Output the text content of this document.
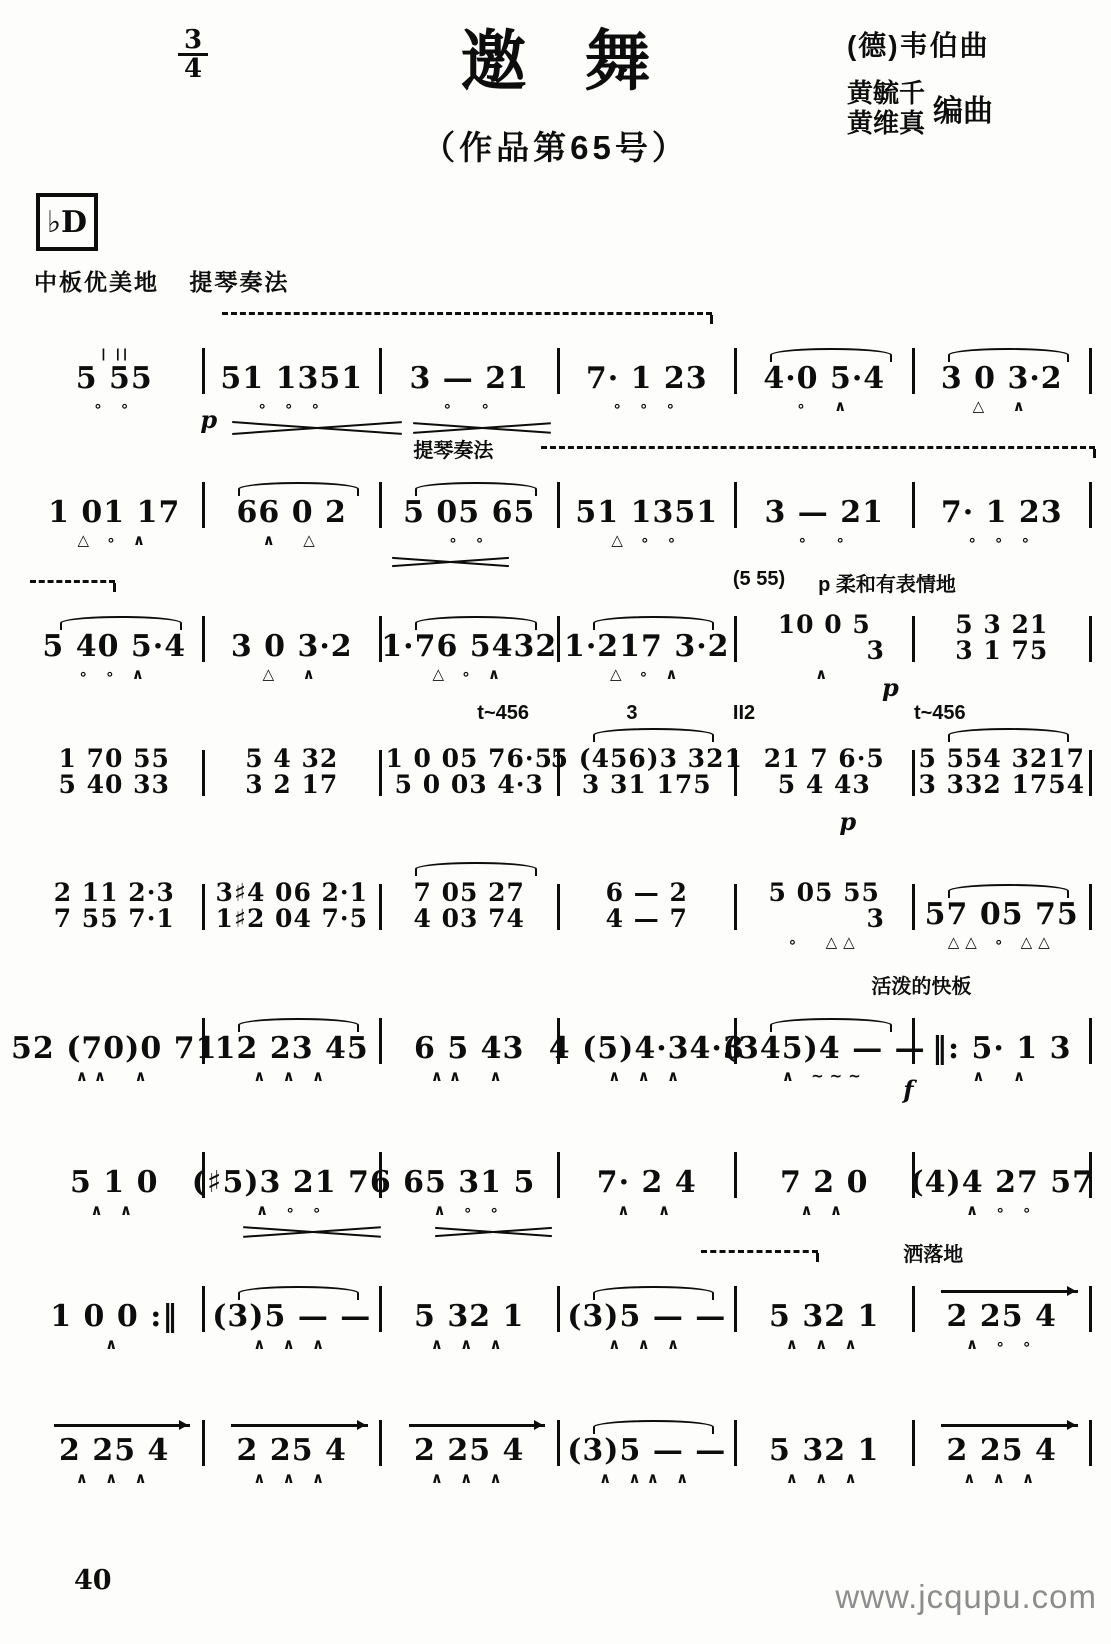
3
4	邀舞
（作品第65号）
(德)韦伯曲
黄毓千
黄维真 编曲
♭D
中板优美地 提琴奏法
p
|   | |
5 55
∘ ∘
51 1351
∘ ∘ ∘
3 — 21
∘  ∘
7· 1 23
∘ ∘ ∘
4·0 5·4
∘  ∧
3 0 3·2
△  ∧
提琴奏法
1 01 17
△ ∘ ∧
66 0 2
∧  △
5 05 65
∘ ∘
51 1351
△ ∘ ∘
3 — 21
∘  ∘
7· 1 23
∘ ∘ ∘
(5 55) p 柔和有表情地
p
5 40 5·4
∘ ∘ ∧
3 0 3·2
△  ∧
1·76 5432
△ ∘ ∧
1·217 3·2
△ ∘ ∧
10 0 5
3
∧
5 3 21
3 1 75

t~456	3	II2	t~456
p
1 70 55
5 40 33

5 4 32
3 2 17

1 0 05 76·5
5 0 03 4·3

5 (456)3 321
3 31 175

21 7 6·5
5 4 43

5 554 3217
3 332 1754

2 11 2·3
7 55 7·1

3♯4 06 2·1
1♯2 04 7·5

7 05 27
4 03 74

6 — 2
4 — 7

5 05 55
3
∘  △△
57 05 75
△△ ∘ △△
活泼的快板
f
52 (70)0 71
∧∧  ∧
12 23 45
∧ ∧ ∧
6 5 43
∧∧  ∧
4 (5)4·34·3
∧ ∧ ∧
(345)4 — —
∧ ~~~
‖: 5· 1 3
∧  ∧
5 1 0
∧ ∧
(♯5)3 21 76
∧ ∘ ∘
65 31 5
∧ ∘ ∘
7· 2 4
∧  ∧
7 2 0
∧ ∧
(4)4 27 57
∧ ∘ ∘
洒落地
1 0 0 :‖
∧
(3)5 — —
∧ ∧ ∧
5 32 1
∧ ∧ ∧
(3)5 — —
∧ ∧ ∧
5 32 1
∧ ∧ ∧
2 25 4
∧ ∘ ∘
2 25 4
∧ ∧ ∧
2 25 4
∧ ∧ ∧
2 25 4
∧ ∧ ∧
(3)5 — —
∧ ∧∧ ∧
5 32 1
∧ ∧ ∧
2 25 4
∧ ∧ ∧
40	www.jcqupu.com
